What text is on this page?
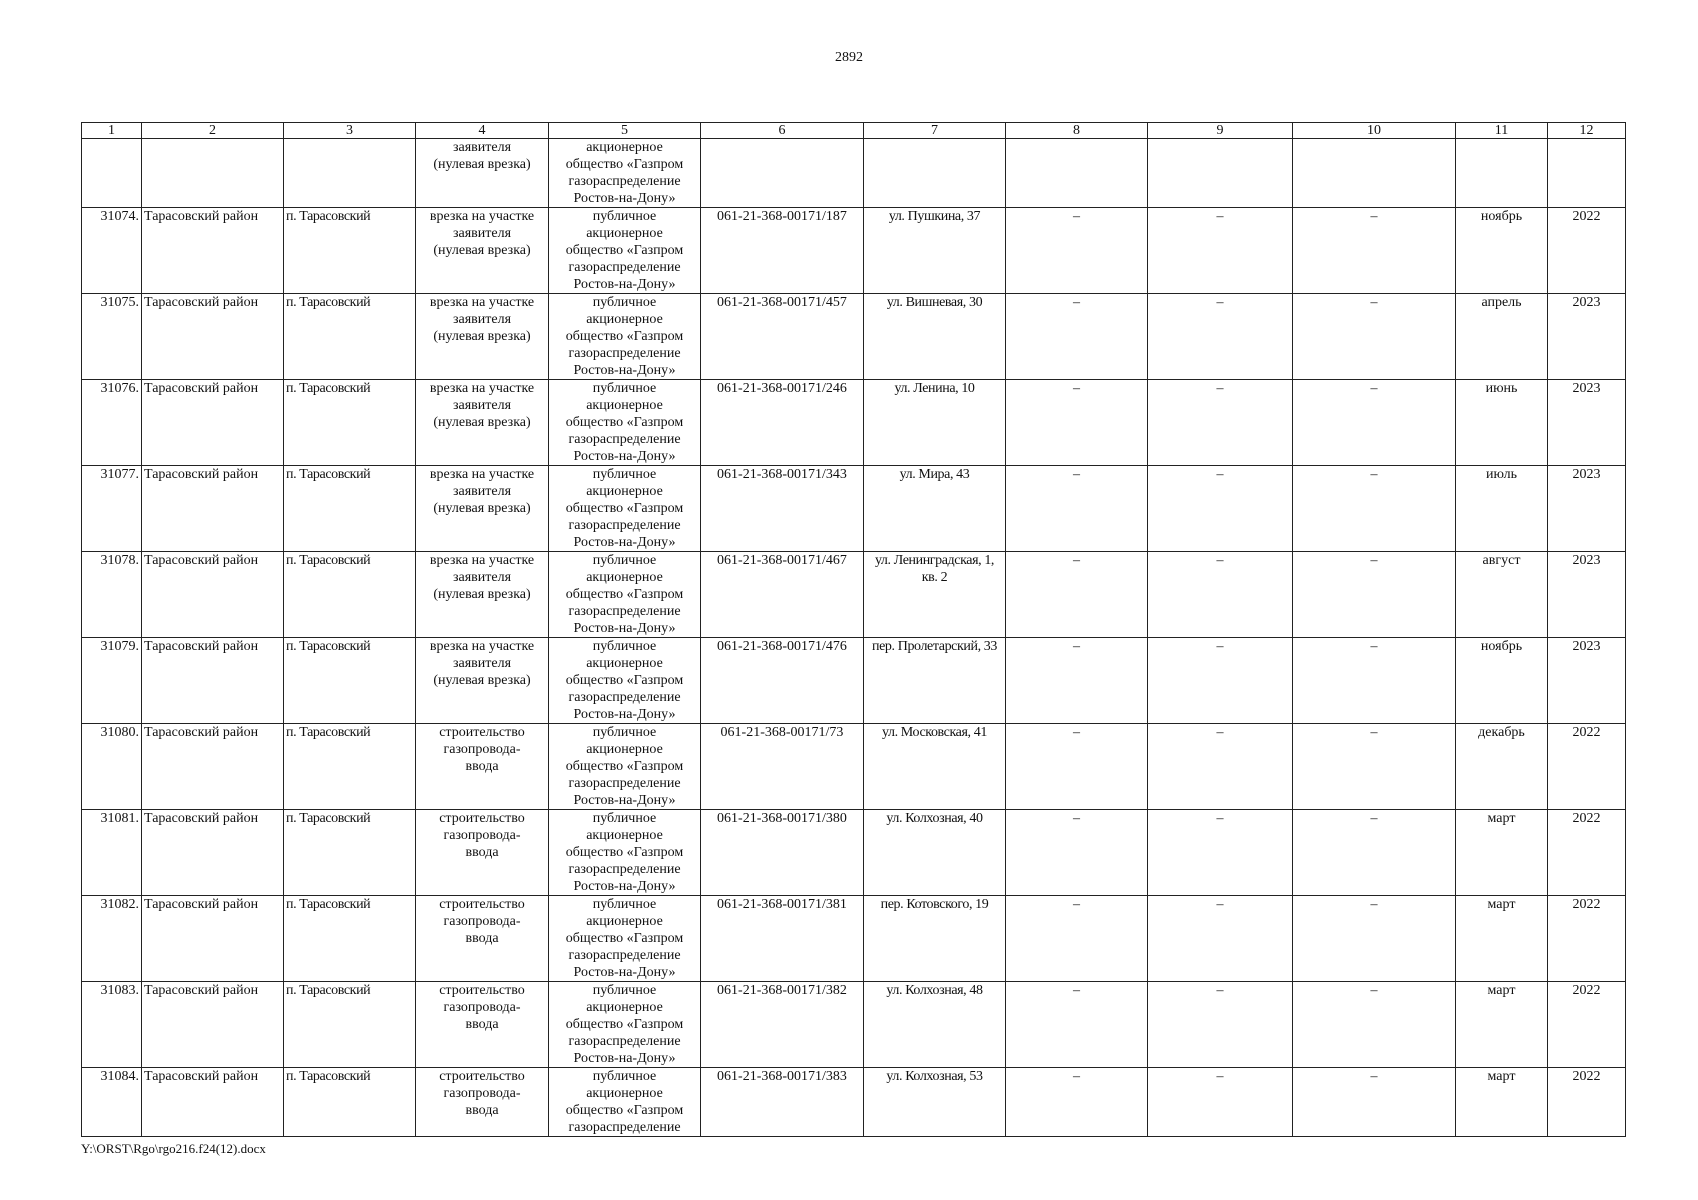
2892
1	2	3	4	5	6	7	8	9	10	11	12

			заявителя
(нулевая врезка)	акционерное
общество «Газпром
газораспределение
Ростов-на-Дону»							

31074.	Тарасовский район	п. Тарасовский	врезка на участке
заявителя
(нулевая врезка)	публичное
акционерное
общество «Газпром
газораспределение
Ростов-на-Дону»	061-21-368-00171/187	ул. Пушкина, 37	–	–	–	ноябрь	2022
31075.	Тарасовский район	п. Тарасовский	врезка на участке
заявителя
(нулевая врезка)	публичное
акционерное
общество «Газпром
газораспределение
Ростов-на-Дону»	061-21-368-00171/457	ул. Вишневая, 30	–	–	–	апрель	2023
31076.	Тарасовский район	п. Тарасовский	врезка на участке
заявителя
(нулевая врезка)	публичное
акционерное
общество «Газпром
газораспределение
Ростов-на-Дону»	061-21-368-00171/246	ул. Ленина, 10	–	–	–	июнь	2023
31077.	Тарасовский район	п. Тарасовский	врезка на участке
заявителя
(нулевая врезка)	публичное
акционерное
общество «Газпром
газораспределение
Ростов-на-Дону»	061-21-368-00171/343	ул. Мира, 43	–	–	–	июль	2023
31078.	Тарасовский район	п. Тарасовский	врезка на участке
заявителя
(нулевая врезка)	публичное
акционерное
общество «Газпром
газораспределение
Ростов-на-Дону»	061-21-368-00171/467	ул. Ленинградская, 1, кв. 2	–	–	–	август	2023
31079.	Тарасовский район	п. Тарасовский	врезка на участке
заявителя
(нулевая врезка)	публичное
акционерное
общество «Газпром
газораспределение
Ростов-на-Дону»	061-21-368-00171/476	пер. Пролетарский, 33	–	–	–	ноябрь	2023
31080.	Тарасовский район	п. Тарасовский	строительство
газопровода-
ввода	публичное
акционерное
общество «Газпром
газораспределение
Ростов-на-Дону»	061-21-368-00171/73	ул. Московская, 41	–	–	–	декабрь	2022
31081.	Тарасовский район	п. Тарасовский	строительство
газопровода-
ввода	публичное
акционерное
общество «Газпром
газораспределение
Ростов-на-Дону»	061-21-368-00171/380	ул. Колхозная, 40	–	–	–	март	2022
31082.	Тарасовский район	п. Тарасовский	строительство
газопровода-
ввода	публичное
акционерное
общество «Газпром
газораспределение
Ростов-на-Дону»	061-21-368-00171/381	пер. Котовского, 19	–	–	–	март	2022
31083.	Тарасовский район	п. Тарасовский	строительство
газопровода-
ввода	публичное
акционерное
общество «Газпром
газораспределение
Ростов-на-Дону»	061-21-368-00171/382	ул. Колхозная, 48	–	–	–	март	2022
31084.	Тарасовский район	п. Тарасовский	строительство
газопровода-
ввода	публичное
акционерное
общество «Газпром
газораспределение	061-21-368-00171/383	ул. Колхозная, 53	–	–	–	март	2022
Y:\ORST\Rgo\rgo216.f24(12).docx
